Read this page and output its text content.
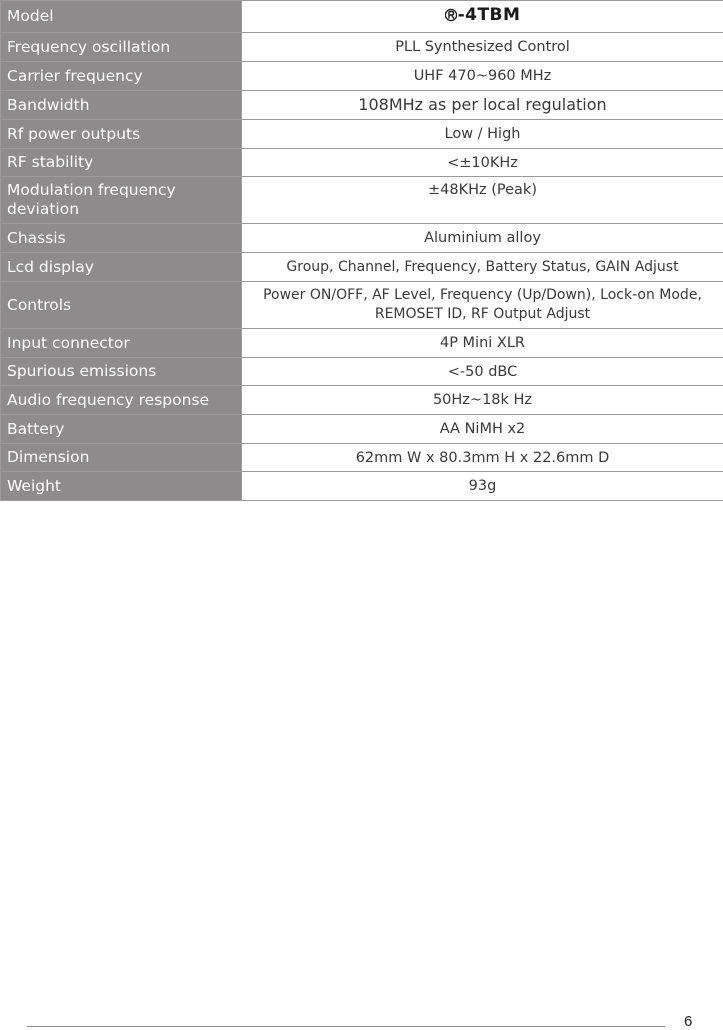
Model	-4TBM

Frequency oscillation	PLL Synthesized Control
Carrier frequency	UHF 470~960 MHz
Bandwidth	108MHz as per local regulation
Rf power outputs	Low / High
RF stability	<±10KHz
Modulation frequency deviation	±48KHz (Peak)
Chassis	Aluminium alloy
Lcd display	Group, Channel, Frequency, Battery Status, GAIN Adjust
Controls	Power ON/OFF, AF Level, Frequency (Up/Down), Lock-on Mode, REMOSET ID, RF Output Adjust
Input connector	4P Mini XLR
Spurious emissions	<-50 dBC
Audio frequency response	50Hz~18k Hz
Battery	AA NiMH x2
Dimension	62mm W x 80.3mm H x 22.6mm D
Weight	93g
6
